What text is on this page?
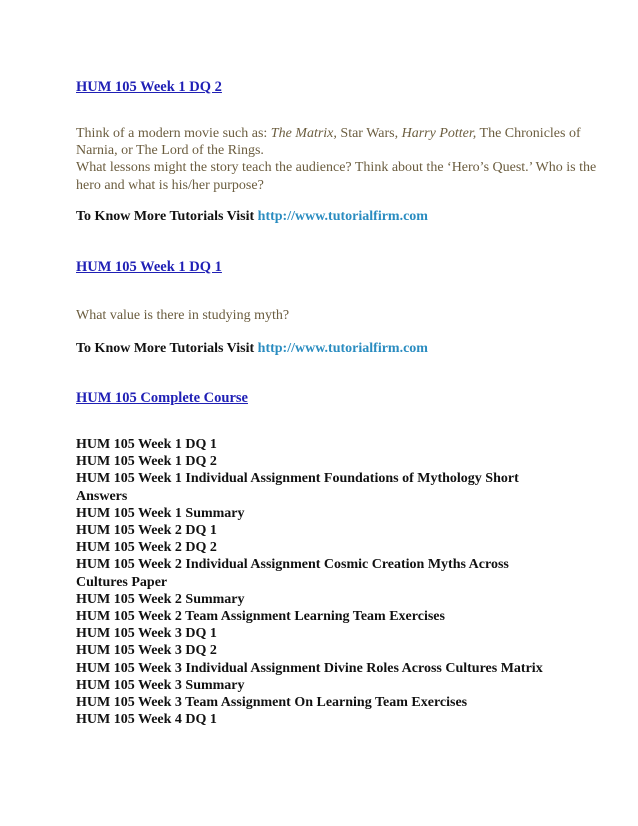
HUM 105 Week 1 DQ 2

Think of a modern movie such as: The Matrix, Star Wars, Harry Potter, The Chronicles of Narnia, or The Lord of the Rings.

What lessons might the story teach the audience? Think about the ‘Hero’s Quest.’ Who is the hero and what is his/her purpose?

To Know More Tutorials Visit http://www.tutorialfirm.com
HUM 105 Week 1 DQ 1

What value is there in studying myth?

To Know More Tutorials Visit http://www.tutorialfirm.com
HUM 105 Complete Course
HUM 105 Week 1 DQ 1
HUM 105 Week 1 DQ 2
HUM 105 Week 1 Individual Assignment Foundations of Mythology Short Answers
HUM 105 Week 1 Summary
HUM 105 Week 2 DQ 1
HUM 105 Week 2 DQ 2
HUM 105 Week 2 Individual Assignment Cosmic Creation Myths Across Cultures Paper
HUM 105 Week 2 Summary
HUM 105 Week 2 Team Assignment Learning Team Exercises
HUM 105 Week 3 DQ 1
HUM 105 Week 3 DQ 2
HUM 105 Week 3 Individual Assignment Divine Roles Across Cultures Matrix
HUM 105 Week 3 Summary
HUM 105 Week 3 Team Assignment On Learning Team Exercises
HUM 105 Week 4 DQ 1
